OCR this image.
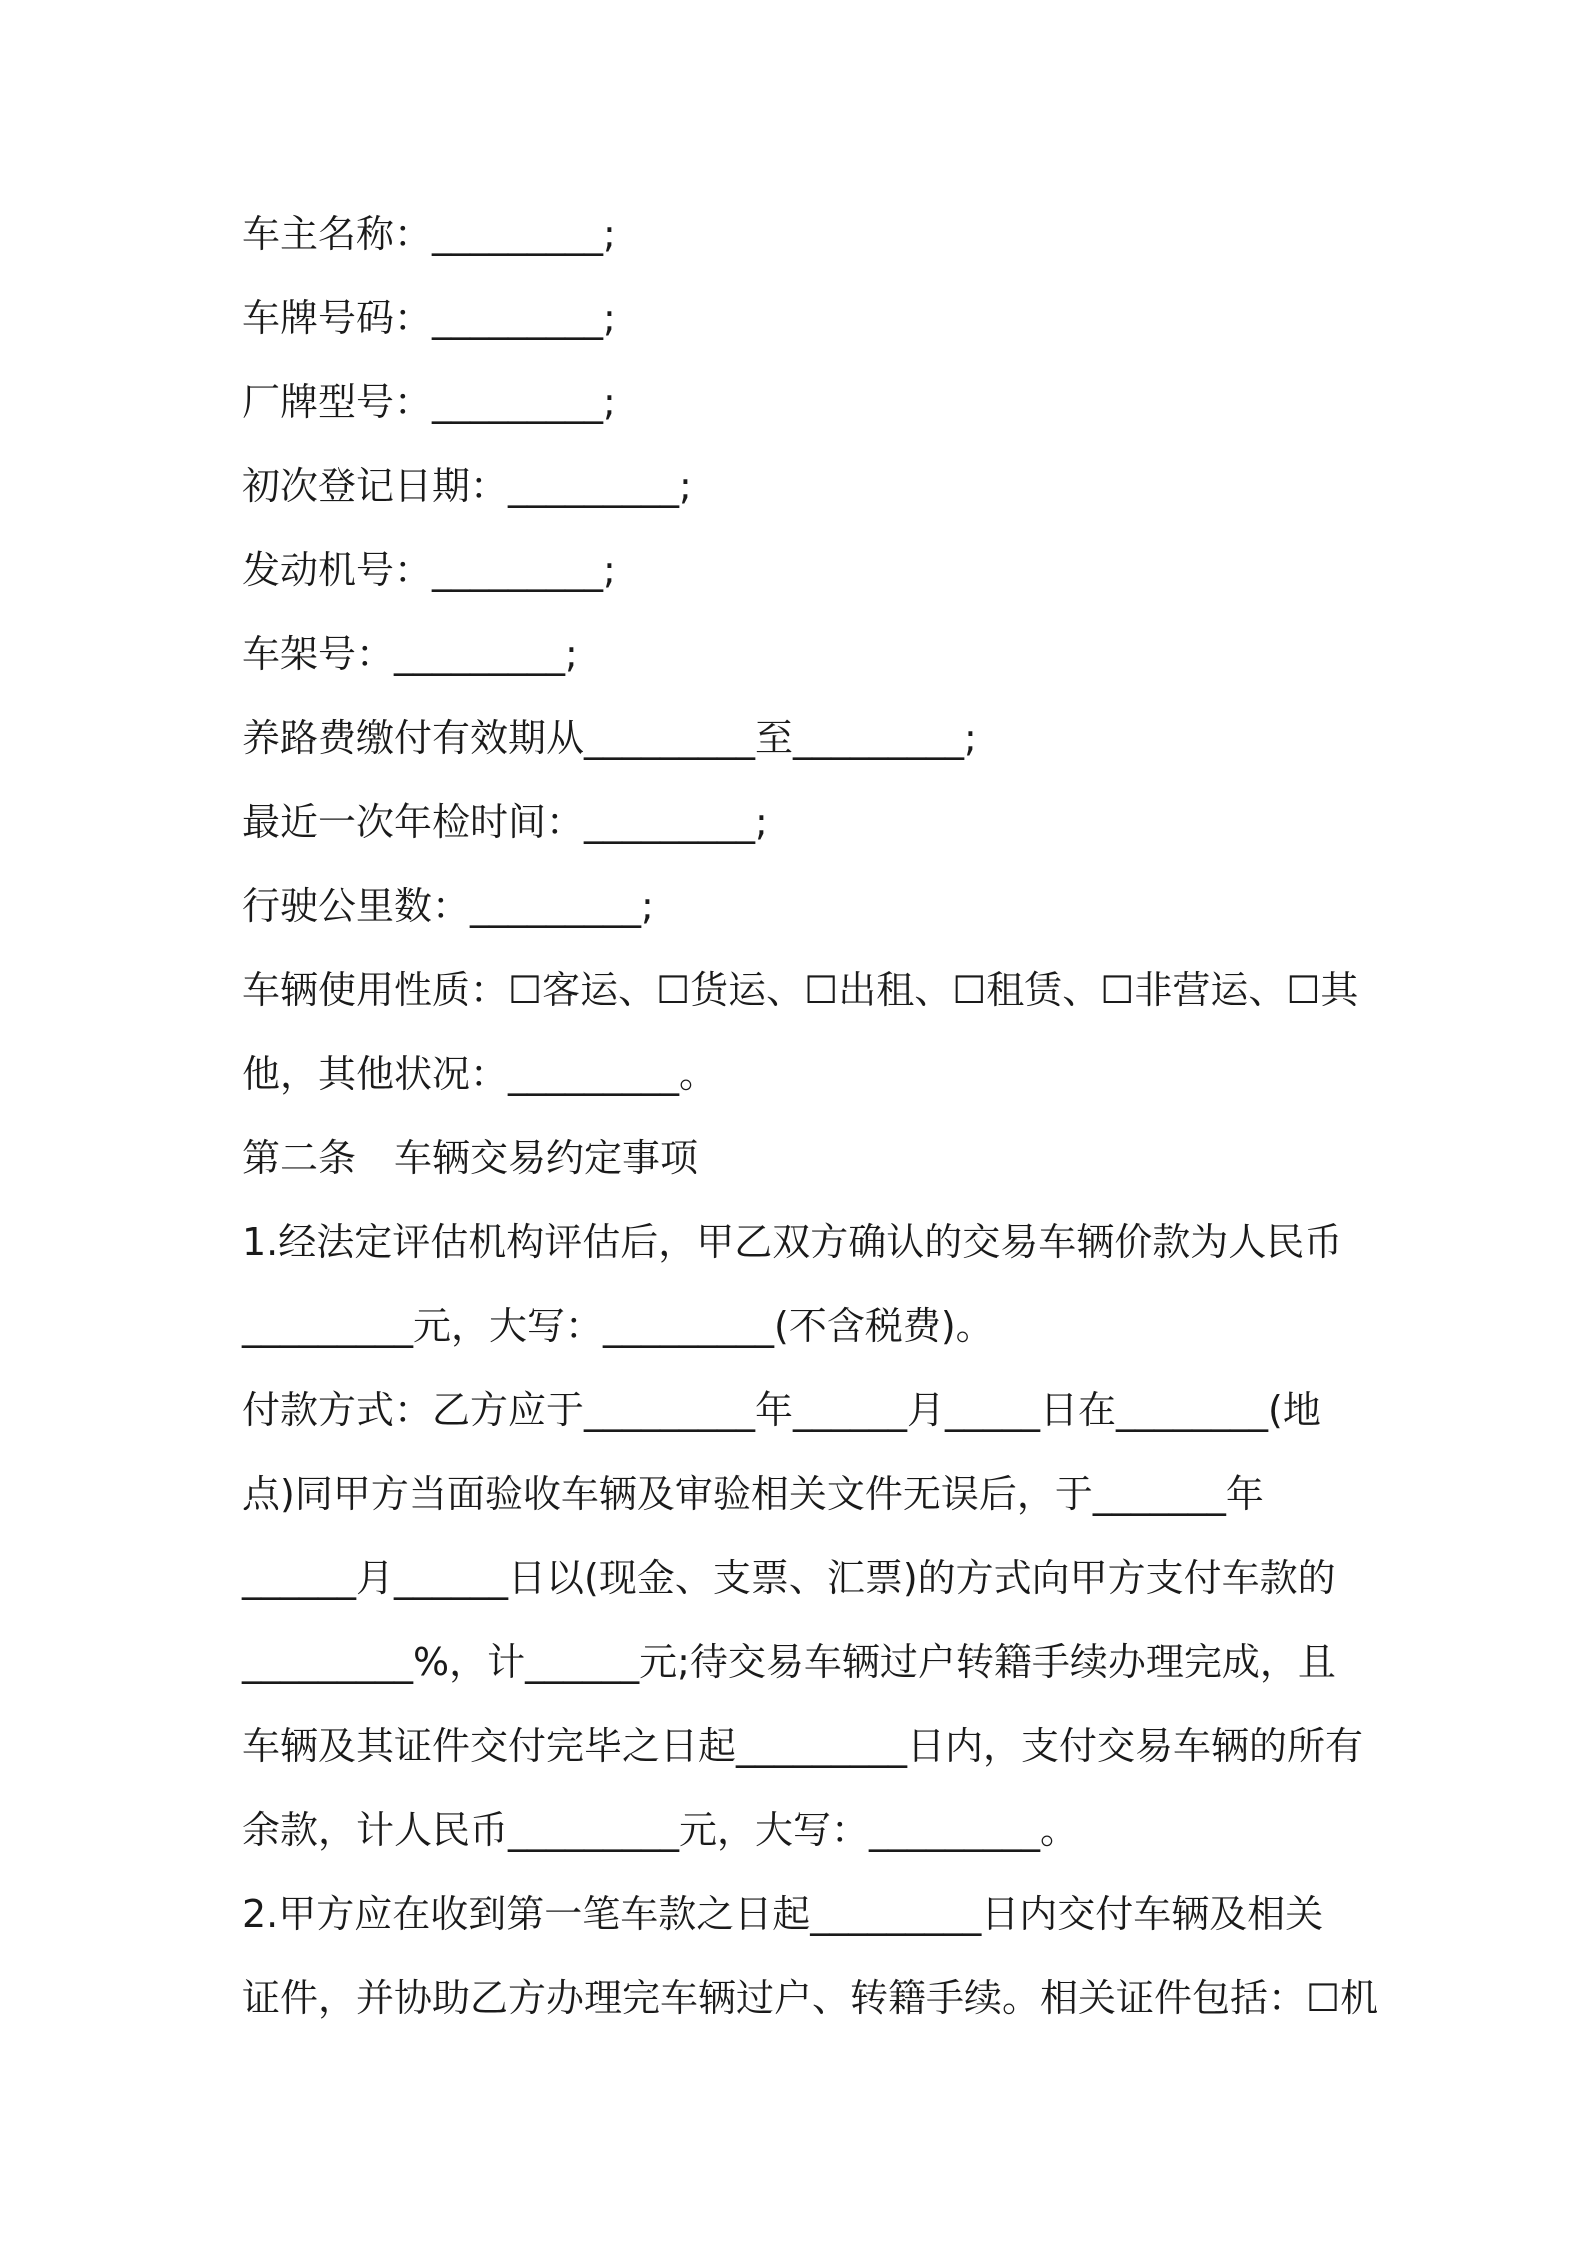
车主名称：_________;

车牌号码：_________;

厂牌型号：_________;

初次登记日期：_________;

发动机号：_________;

车架号：_________;

养路费缴付有效期从_________至_________;

最近一次年检时间：_________;

行驶公里数：_________;

车辆使用性质：☐客运、☐货运、☐出租、☐租赁、☐非营运、☐其

他，其他状况：_________。

第二条　车辆交易约定事项

1.经法定评估机构评估后，甲乙双方确认的交易车辆价款为人民币

_________元，大写：_________(不含税费)。

付款方式：乙方应于_________年______月_____日在________(地

点)同甲方当面验收车辆及审验相关文件无误后，于_______年

______月______日以(现金、支票、汇票)的方式向甲方支付车款的

_________%，计______元;待交易车辆过户转籍手续办理完成，且

车辆及其证件交付完毕之日起_________日内，支付交易车辆的所有

余款，计人民币_________元，大写：_________。

2.甲方应在收到第一笔车款之日起_________日内交付车辆及相关

证件，并协助乙方办理完车辆过户、转籍手续。相关证件包括：☐机
